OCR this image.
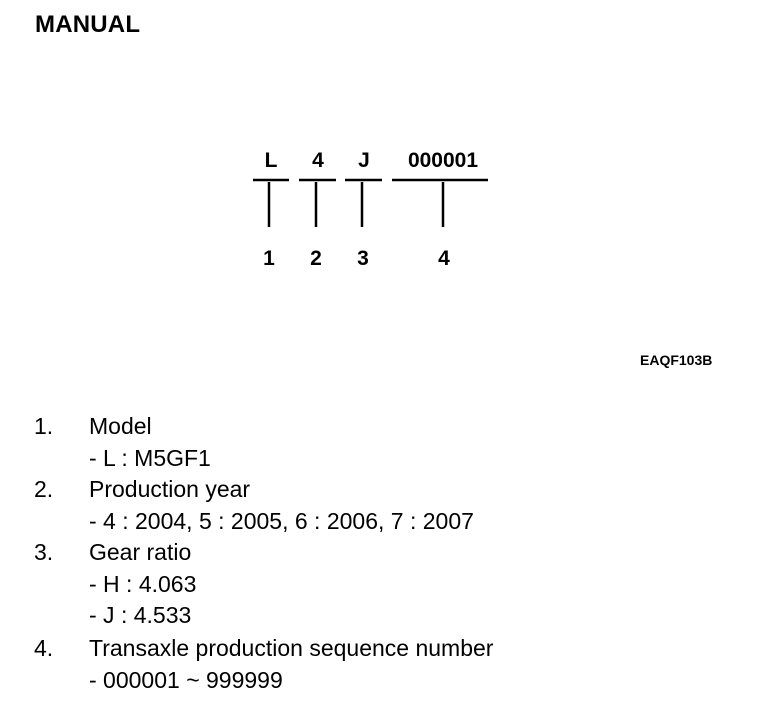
MANUAL
L	4	J	000001
1	2	3	4
EAQF103B
1. Model
- L : M5GF1
2. Production year
- 4 : 2004, 5 : 2005, 6 : 2006, 7 : 2007
3. Gear ratio
- H : 4.063
- J : 4.533
4. Transaxle production sequence number
- 000001 ~ 999999
